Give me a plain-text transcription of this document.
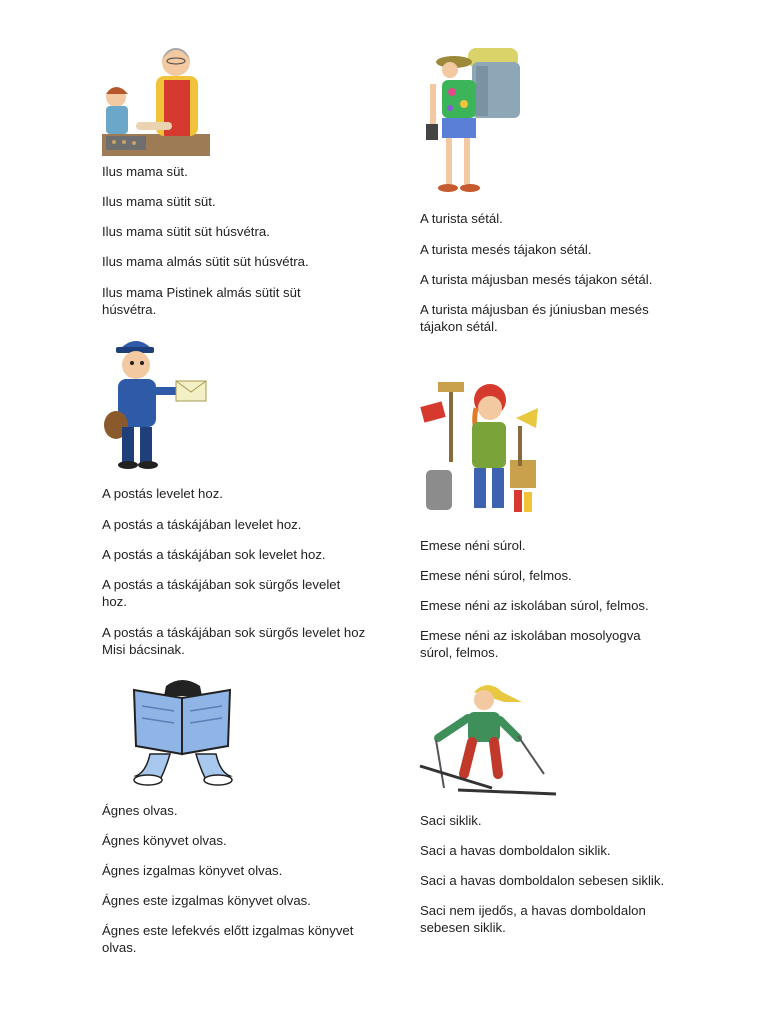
Ilus mama süt.

Ilus mama sütit süt.

Ilus mama sütit süt húsvétra.

Ilus mama almás sütit süt húsvétra.

Ilus mama Pistinek almás sütit süt húsvétra.

A turista sétál.

A turista mesés tájakon sétál.

A turista májusban mesés tájakon sétál.

A turista májusban és júniusban mesés tájakon sétál.

A postás levelet hoz.

A postás a táskájában levelet hoz.

A postás a táskájában sok levelet hoz.

A postás a táskájában sok sürgős levelet hoz.

A postás a táskájában sok sürgős levelet hoz Misi bácsinak.

Emese néni súrol.

Emese néni súrol, felmos.

Emese néni az iskolában súrol, felmos.

Emese néni az iskolában mosolyogva súrol, felmos.

Ágnes olvas.

Ágnes könyvet olvas.

Ágnes izgalmas könyvet olvas.

Ágnes este izgalmas könyvet olvas.

Ágnes este lefekvés előtt izgalmas könyvet olvas.

Saci siklik.

Saci a havas domboldalon siklik.

Saci a havas domboldalon sebesen siklik.

Saci nem ijedős, a havas domboldalon sebesen siklik.
